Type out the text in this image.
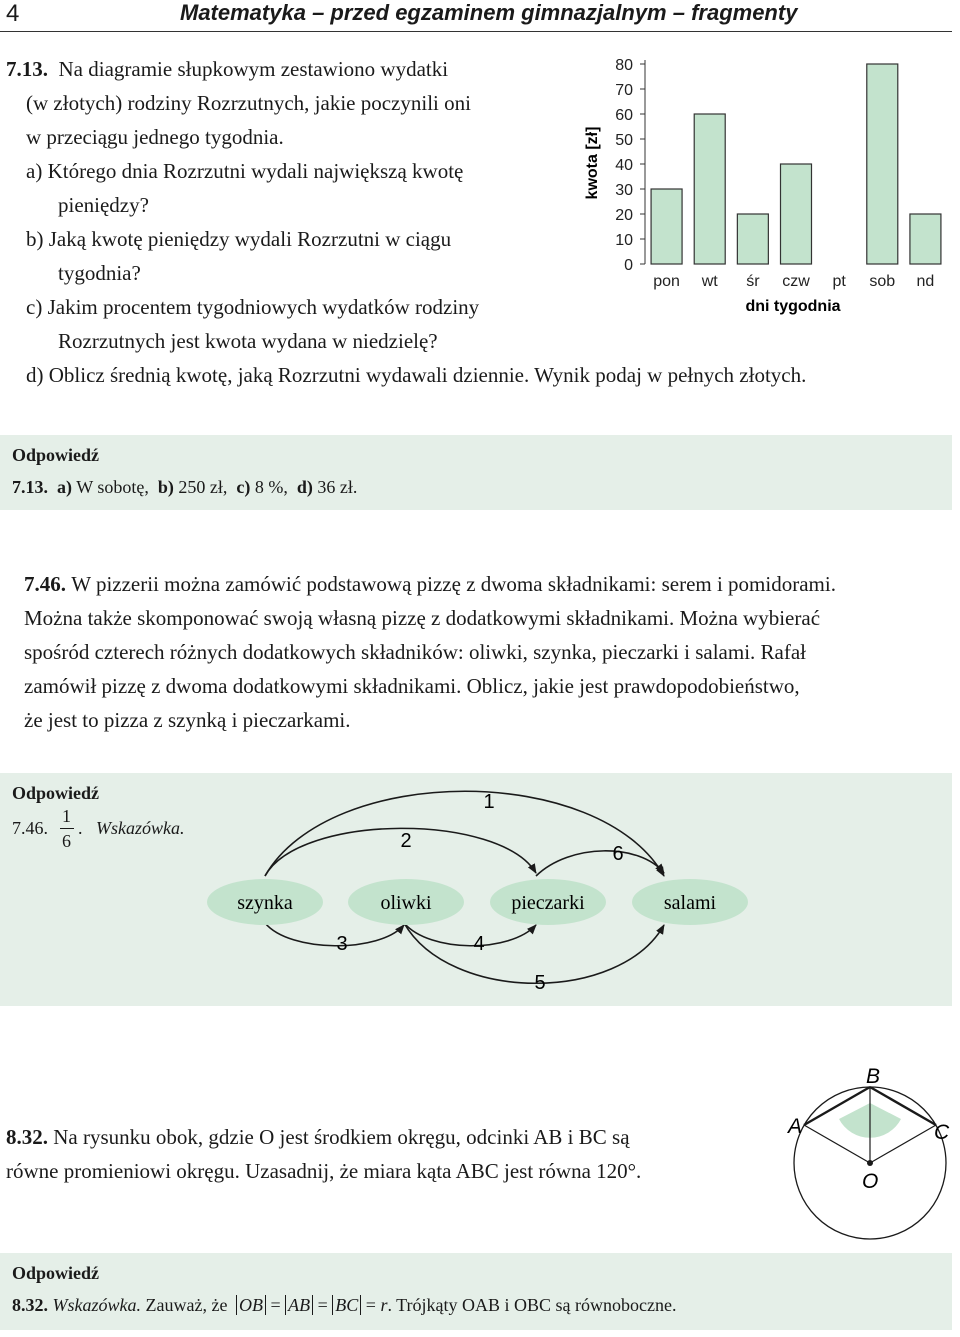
4	Matematyka – przed egzaminem gimnazjalnym – fragmenty
7.13. Na diagramie słupkowym zestawiono wydatki
(w złotych) rodziny Rozrzutnych, jakie poczynili oni
w przeciągu jednego tygodnia.
a) Którego dnia Rozrzutni wydali największą kwotę
pieniędzy?
b) Jaką kwotę pieniędzy wydali Rozrzutni w ciągu
tygodnia?
c) Jakim procentem tygodniowych wydatków rodziny
Rozrzutnych jest kwota wydana w niedzielę?
d) Oblicz średnią kwotę, jaką Rozrzutni wydawali dziennie. Wynik podaj w pełnych złotych.
0
10
20
30
40
50
60
70
80
pon wt śr czw pt sob nd
kwota [zł]
dni tygodnia
Odpowiedź
7.13. a) W sobotę, b) 250 zł, c) 8 %, d) 36 zł.
7.46. W pizzerii można zamówić podstawową pizzę z dwoma składnikami: serem i pomidorami.
Można także skomponować swoją własną pizzę z dodatkowymi składnikami. Można wybierać
spośród czterech różnych dodatkowych składników: oliwki, szynka, pieczarki i salami. Rafał
zamówił pizzę z dwoma dodatkowymi składnikami. Oblicz, jakie jest prawdopodobieństwo,
że jest to pizza z szynką i pieczarkami.
Odpowiedź
7.46.
1
6
. Wskazówka.
szynka	oliwki	pieczarki	salami
1
2
6
3	4
5
8.32. Na rysunku obok, gdzie O jest środkiem okręgu, odcinki AB i BC są
równe promieniowi okręgu. Uzasadnij, że miara kąta ABC jest równa 120°.
B
A	C
O
Odpowiedź
8.32. Wskazówka. Zauważ, że OB = AB = BC = r. Trójkąty OAB i OBC są równoboczne.
